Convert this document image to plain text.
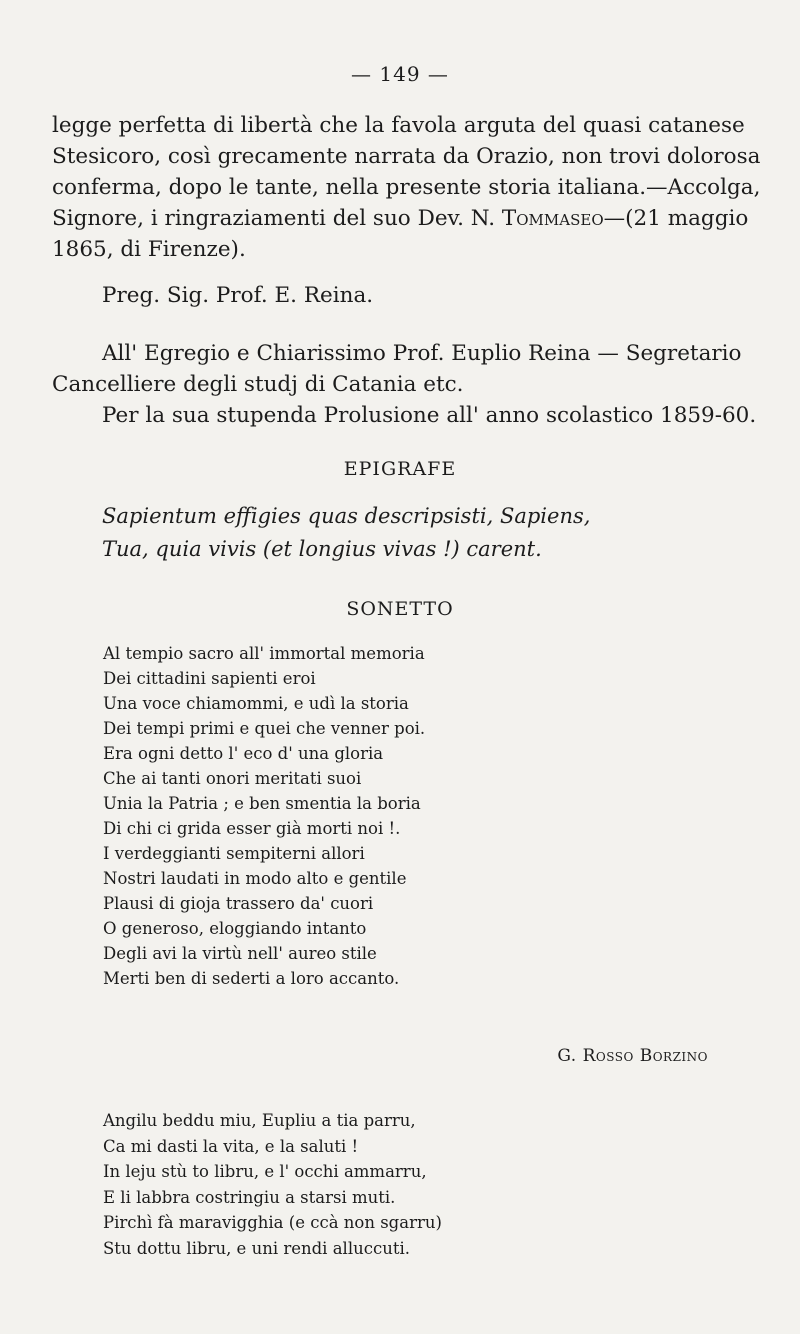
— 149 —
legge perfetta di libertà che la favola arguta del quasi catanese
Stesicoro, così grecamente narrata da Orazio, non trovi dolorosa
conferma, dopo le tante, nella presente storia italiana.—Accolga,
Signore, i ringraziamenti del suo Dev. N. Tommaseo—(21 maggio
1865, di Firenze).
Preg. Sig. Prof. E. Reina.
All' Egregio e Chiarissimo Prof. Euplio Reina — Segretario
Cancelliere degli studj di Catania etc.
Per la sua stupenda Prolusione all' anno scolastico 1859-60.
EPIGRAFE
Sapientum effigies quas descripsisti, Sapiens,
Tua, quia vivis (et longius vivas !) carent.
SONETTO
Al tempio sacro all' immortal memoria
Dei cittadini sapienti eroi
Una voce chiamommi, e udì la storia
Dei tempi primi e quei che venner poi.
Era ogni detto l' eco d' una gloria
Che ai tanti onori meritati suoi
Unia la Patria ; e ben smentia la boria
Di chi ci grida esser già morti noi !.
I verdeggianti sempiterni allori
Nostri laudati in modo alto e gentile
Plausi di gioja trassero da' cuori
O generoso, eloggiando intanto
Degli avi la virtù nell' aureo stile
Merti ben di sederti a loro accanto.
G. Rosso Borzino
Angilu beddu miu, Eupliu a tia parru,
Ca mi dasti la vita, e la saluti !
In leju stù to libru, e l' occhi ammarru,
E li labbra costringiu a starsi muti.
Pirchì fà maravigghia (e ccà non sgarru)
Stu dottu libru, e uni rendi alluccuti.
